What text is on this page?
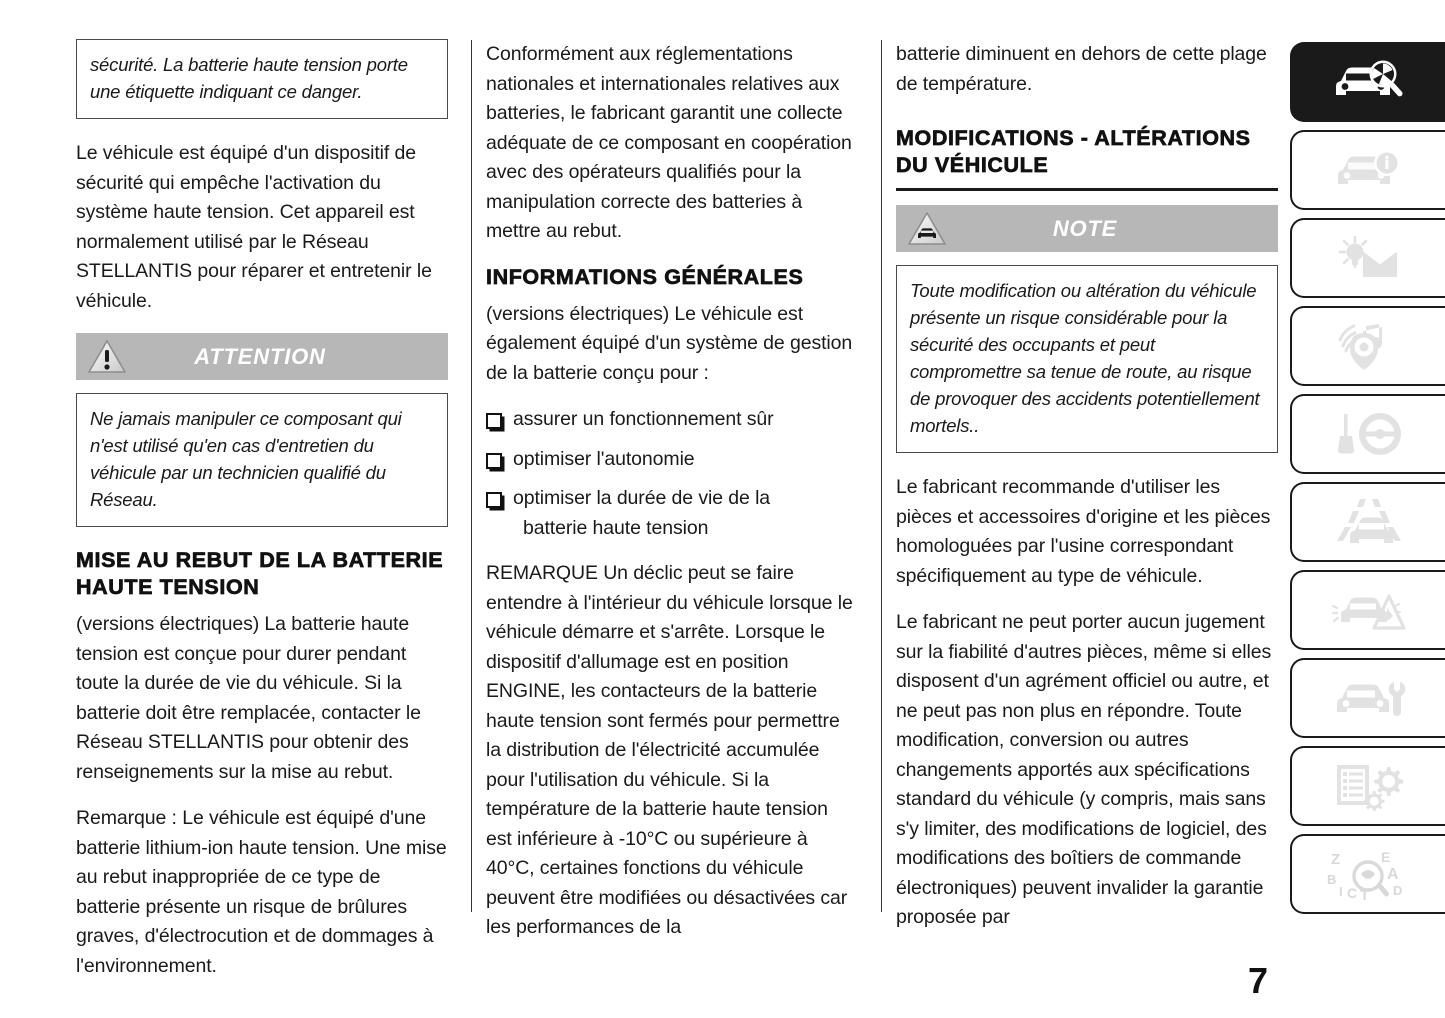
sécurité. La batterie haute tension porte une étiquette indiquant ce danger.

Le véhicule est équipé d'un dispositif de sécurité qui empêche l'activation du système haute tension. Cet appareil est normalement utilisé par le Réseau STELLANTIS pour réparer et entretenir le véhicule.

ATTENTION

Ne jamais manipuler ce composant qui n'est utilisé qu'en cas d'entretien du véhicule par un technicien qualifié du Réseau.

MISE AU REBUT DE LA BATTERIE HAUTE TENSION

(versions électriques) La batterie haute tension est conçue pour durer pendant toute la durée de vie du véhicule. Si la batterie doit être remplacée, contacter le Réseau STELLANTIS pour obtenir des renseignements sur la mise au rebut.

Remarque : Le véhicule est équipé d'une batterie lithium-ion haute tension. Une mise au rebut inappropriée de ce type de batterie présente un risque de brûlures graves, d'électrocution et de dommages à l'environnement.

Conformément aux réglementations nationales et internationales relatives aux batteries, le fabricant garantit une collecte adéquate de ce composant en coopération avec des opérateurs qualifiés pour la manipulation correcte des batteries à mettre au rebut.

INFORMATIONS GÉNÉRALES

(versions électriques) Le véhicule est également équipé d'un système de gestion de la batterie conçu pour :

assurer un fonctionnement sûr
optimiser l'autonomie
optimiser la durée de vie de la
batterie haute tension

REMARQUE Un déclic peut se faire entendre à l'intérieur du véhicule lorsque le véhicule démarre et s'arrête. Lorsque le dispositif d'allumage est en position ENGINE, les contacteurs de la batterie haute tension sont fermés pour permettre la distribution de l'électricité accumulée pour l'utilisation du véhicule. Si la température de la batterie haute tension est inférieure à -10°C ou supérieure à 40°C, certaines fonctions du véhicule peuvent être modifiées ou désactivées car les performances de la

batterie diminuent en dehors de cette plage de température.

MODIFICATIONS - ALTÉRATIONS DU VÉHICULE
NOTE

Toute modification ou altération du véhicule présente un risque considérable pour la sécurité des occupants et peut compromettre sa tenue de route, au risque de provoquer des accidents potentiellement mortels..

Le fabricant recommande d'utiliser les pièces et accessoires d'origine et les pièces homologuées par l'usine correspondant spécifiquement au type de véhicule.

Le fabricant ne peut porter aucun jugement sur la fiabilité d'autres pièces, même si elles disposent d'un agrément officiel ou autre, et ne peut pas non plus en répondre. Toute modification, conversion ou autres changements apportés aux spécifications standard du véhicule (y compris, mais sans s'y limiter, des modifications de logiciel, des modifications des boîtiers de commande électroniques) peuvent invalider la garantie proposée par

Z
B
I C T
E
A
D
7
